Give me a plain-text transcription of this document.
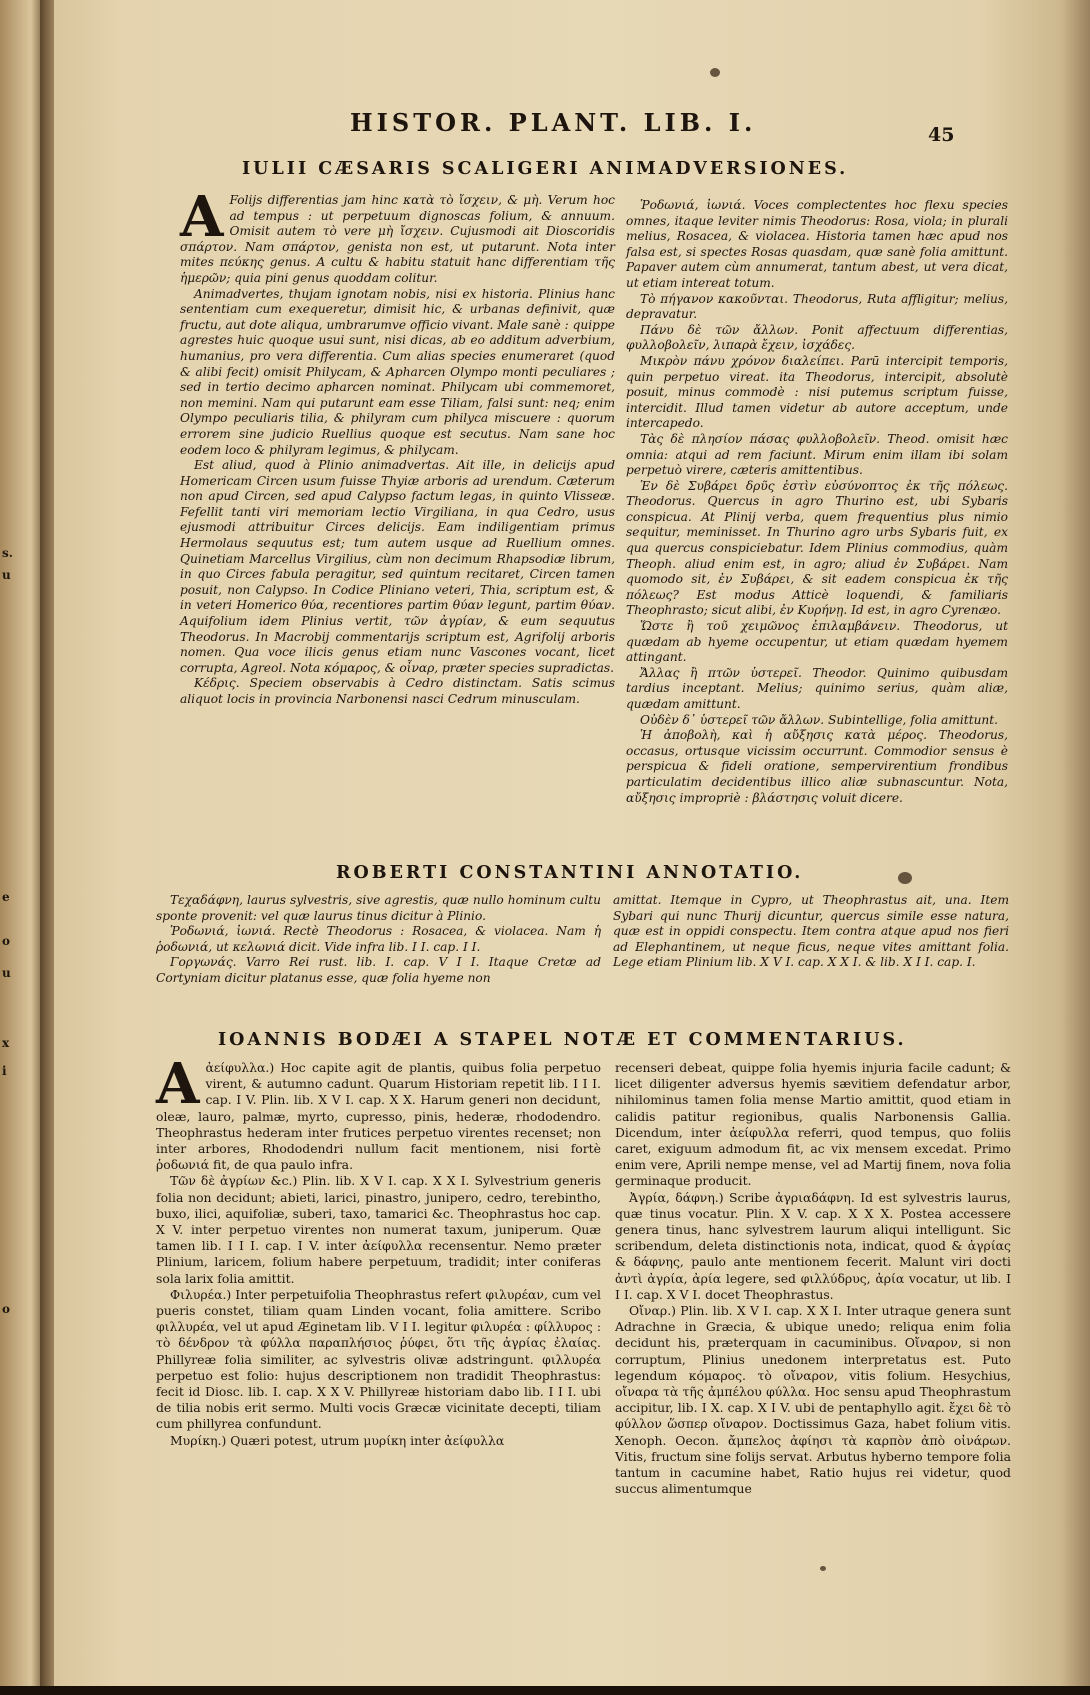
s.
u
e
o
u
x
i
o
HISTOR. PLANT. LIB. I.	45
IULII CÆSARIS SCALIGERI ANIMADVERSIONES.

A Folijs differentias jam hinc κατὰ τὸ ἴσχειν, & μὴ. Verum hoc ad tempus : ut perpetuum dignoscas folium, & annuum. Omisit autem τὸ vere μὴ ἴσχειν. Cujusmodi ait Dioscoridis σπάρτον. Nam σπάρτον, genista non est, ut putarunt. Nota inter mites πεύκης genus. A cultu & habitu statuit hanc differentiam τῆς ἡμερῶν; quia pini genus quoddam colitur.

Animadvertes, thujam ignotam nobis, nisi ex historia. Plinius hanc sententiam cum exequeretur, dimisit hic, & urbanas definivit, quæ fructu, aut dote aliqua, umbrarumve officio vivant. Male sanè : quippe agrestes huic quoque usui sunt, nisi dicas, ab eo additum adverbium, humanius, pro vera differentia. Cum alias species enumeraret (quod & alibi fecit) omisit Philycam, & Apharcen Olympo monti peculiares ; sed in tertio decimo apharcen nominat. Philycam ubi commemoret, non memini. Nam qui putarunt eam esse Tiliam, falsi sunt: neq; enim Olympo peculiaris tilia, & philyram cum philyca miscuere : quorum errorem sine judicio Ruellius quoque est secutus. Nam sane hoc eodem loco & philyram legimus, & philycam.

Est aliud, quod à Plinio animadvertas. Ait ille, in delicijs apud Homericam Circen usum fuisse Thyiæ arboris ad urendum. Cæterum non apud Circen, sed apud Calypso factum legas, in quinto Vlisseæ. Fefellit tanti viri memoriam lectio Virgiliana, in qua Cedro, usus ejusmodi attribuitur Circes delicijs. Eam indiligentiam primus Hermolaus sequutus est; tum autem usque ad Ruellium omnes. Quinetiam Marcellus Virgilius, cùm non decimum Rhapsodiæ librum, in quo Circes fabula peragitur, sed quintum recitaret, Circen tamen posuit, non Calypso. In Codice Pliniano veteri, Thia, scriptum est, & in veteri Homerico θύα, recentiores partim θύαν legunt, partim θύαν. Aquifolium idem Plinius vertit, τῶν ἀγρίαν, & eum sequutus Theodorus. In Macrobij commentarijs scriptum est, Agrifolij arboris nomen. Qua voce ilicis genus etiam nunc Vascones vocant, licet corrupta, Agreol. Nota κόμαρος, & οἶναρ, præter species supradictas.

Κέδρις. Speciem observabis à Cedro distinctam. Satis scimus aliquot locis in provincia Narbonensi nasci Cedrum minusculam.

Ῥοδωνιά, ἰωνιά. Voces complectentes hoc flexu species omnes, itaque leviter nimis Theodorus: Rosa, viola; in plurali melius, Rosacea, & violacea. Historia tamen hæc apud nos falsa est, si spectes Rosas quasdam, quæ sanè folia amittunt. Papaver autem cùm annumerat, tantum abest, ut vera dicat, ut etiam intereat totum.

Τὸ πήγανον κακοῦνται. Theodorus, Ruta affligitur; melius, depravatur.

Πάνυ δὲ τῶν ἄλλων. Ponit affectuum differentias, φυλλοβολεῖν, λιπαρὰ ἔχειν, ἰσχάδες.

Μικρὸν πάνυ χρόνον διαλείπει. Parū intercipit temporis, quin perpetuo vireat. ita Theodorus, intercipit, absolutè posuit, minus commodè : nisi putemus scriptum fuisse, intercidit. Illud tamen videtur ab autore acceptum, unde intercapedo.

Τὰς δὲ πλησίον πάσας φυλλοβολεῖν. Theod. omisit hæc omnia: atqui ad rem faciunt. Mirum enim illam ibi solam perpetuò virere, cæteris amittentibus.

Ἐν δὲ Συβάρει δρῦς ἐστὶν εὐσύνοπτος ἐκ τῆς πόλεως. Theodorus. Quercus in agro Thurino est, ubi Sybaris conspicua. At Plinij verba, quem frequentius plus nimio sequitur, meminisset. In Thurino agro urbs Sybaris fuit, ex qua quercus conspiciebatur. Idem Plinius commodius, quàm Theoph. aliud enim est, in agro; aliud ἐν Συβάρει. Nam quomodo sit, ἐν Συβάρει, & sit eadem conspicua ἐκ τῆς πόλεως? Est modus Atticè loquendi, & familiaris Theophrasto; sicut alibi, ἐν Κυρήνῃ. Id est, in agro Cyrenæo.

Ὥστε ἢ τοῦ χειμῶνος ἐπιλαμβάνειν. Theodorus, ut quædam ab hyeme occupentur, ut etiam quædam hyemem attingant.

Ἄλλας ἢ πτῶν ὑστερεῖ. Theodor. Quinimo quibusdam tardius inceptant. Melius; quinimo serius, quàm aliæ, quædam amittunt.

Οὐδὲν δ᾽ ὑστερεῖ τῶν ἄλλων. Subintellige, folia amittunt.

Ἡ ἀποβολὴ, καὶ ἡ αὔξησις κατὰ μέρος. Theodorus, occasus, ortusque vicissim occurrunt. Commodior sensus è perspicua & fideli oratione, sempervirentium frondibus particulatim decidentibus illico aliæ subnascuntur. Nota, αὔξησις impropriè : βλάστησις voluit dicere.

ROBERTI CONSTANTINI ANNOTATIO.

Τεχαδάφνη, laurus sylvestris, sive agrestis, quæ nullo hominum cultu sponte provenit: vel quæ laurus tinus dicitur à Plinio.

Ῥοδωνιά, ἰωνιά. Rectè Theodorus : Rosacea, & violacea. Nam ἡ ῥοδωνιά, ut κελωνιά dicit. Vide infra lib. I I. cap. I I.

Γοργωνάς. Varro Rei rust. lib. I. cap. V I I. Itaque Cretæ ad Cortyniam dicitur platanus esse, quæ folia hyeme non

amittat. Itemque in Cypro, ut Theophrastus ait, una. Item Sybari qui nunc Thurij dicuntur, quercus simile esse natura, quæ est in oppidi conspectu. Item contra atque apud nos fieri ad Elephantinem, ut neque ficus, neque vites amittant folia. Lege etiam Plinium lib. X V I. cap. X X I. & lib. X I I. cap. I.

IOANNIS BODÆI A STAPEL NOTÆ ET COMMENTARIUS.

Aἀείφυλλα.) Hoc capite agit de plantis, quibus folia perpetuo virent, & autumno cadunt. Quarum Historiam repetit lib. I I I. cap. I V. Plin. lib. X V I. cap. X X. Harum generi non decidunt, oleæ, lauro, palmæ, myrto, cupresso, pinis, hederæ, rhododendro. Theophrastus hederam inter frutices perpetuo virentes recenset; non inter arbores, Rhododendri nullum facit mentionem, nisi fortè ῥοδωνιά fit, de qua paulo infra.

Τῶν δὲ ἀγρίων &c.) Plin. lib. X V I. cap. X X I. Sylvestrium generis folia non decidunt; abieti, larici, pinastro, junipero, cedro, terebintho, buxo, ilici, aquifoliæ, suberi, taxo, tamarici &c. Theophrastus hoc cap. X V. inter perpetuo virentes non numerat taxum, juniperum. Quæ tamen lib. I I I. cap. I V. inter ἀείφυλλα recensentur. Nemo præter Plinium, laricem, folium habere perpetuum, tradidit; inter coniferas sola larix folia amittit.

Φιλυρέα.) Inter perpetuifolia Theophrastus refert φιλυρέαν, cum vel pueris constet, tiliam quam Linden vocant, folia amittere. Scribo φιλλυρέα, vel ut apud Æginetam lib. V I I. legitur φιλυρέα : φίλλυρος : τὸ δένδρον τὰ φύλλα παραπλήσιος ῥύφει, ὅτι τῆς ἀγρίας ἐλαίας. Phillyreæ folia similiter, ac sylvestris olivæ adstringunt. φιλλυρέα perpetuo est folio: hujus descriptionem non tradidit Theophrastus: fecit id Diosc. lib. I. cap. X X V. Phillyreæ historiam dabo lib. I I I. ubi de tilia nobis erit sermo. Multi vocis Græcæ vicinitate decepti, tiliam cum phillyrea confundunt.

Μυρίκη.) Quæri potest, utrum μυρίκη inter ἀείφυλλα

recenseri debeat, quippe folia hyemis injuria facile cadunt; & licet diligenter adversus hyemis sævitiem defendatur arbor, nihilominus tamen folia mense Martio amittit, quod etiam in calidis patitur regionibus, qualis Narbonensis Gallia. Dicendum, inter ἀείφυλλα referri, quod tempus, quo foliis caret, exiguum admodum fit, ac vix mensem excedat. Primo enim vere, Aprili nempe mense, vel ad Martij finem, nova folia germinaque producit.

Ἀγρία, δάφνη.) Scribe ἀγριαδάφνη. Id est sylvestris laurus, quæ tinus vocatur. Plin. X V. cap. X X X. Postea accessere genera tinus, hanc sylvestrem laurum aliqui intelligunt. Sic scribendum, deleta distinctionis nota, indicat, quod & ἀγρίας & δάφνης, paulo ante mentionem fecerit. Malunt viri docti ἀντὶ ἀγρία, ἀρία legere, sed φιλλύδρυς, ἀρία vocatur, ut lib. I I I. cap. X V I. docet Theophrastus.

Οἴναρ.) Plin. lib. X V I. cap. X X I. Inter utraque genera sunt Adrachne in Græcia, & ubique unedo; reliqua enim folia decidunt his, præterquam in cacuminibus. Οἴναρον, si non corruptum, Plinius unedonem interpretatus est. Puto legendum κόμαρος. τὸ οἴναρον, vitis folium. Hesychius, οἴναρα τὰ τῆς ἀμπέλου φύλλα. Hoc sensu apud Theophrastum accipitur, lib. I X. cap. X I V. ubi de pentaphyllo agit. ἔχει δὲ τὸ φύλλον ὥσπερ οἴναρον. Doctissimus Gaza, habet folium vitis. Xenoph. Oecon. ἄμπελος ἀφίησι τὰ καρπὸν ἀπὸ οἰνάρων. Vitis, fructum sine folijs servat. Arbutus hyberno tempore folia tantum in cacumine habet, Ratio hujus rei videtur, quod succus alimentumque
